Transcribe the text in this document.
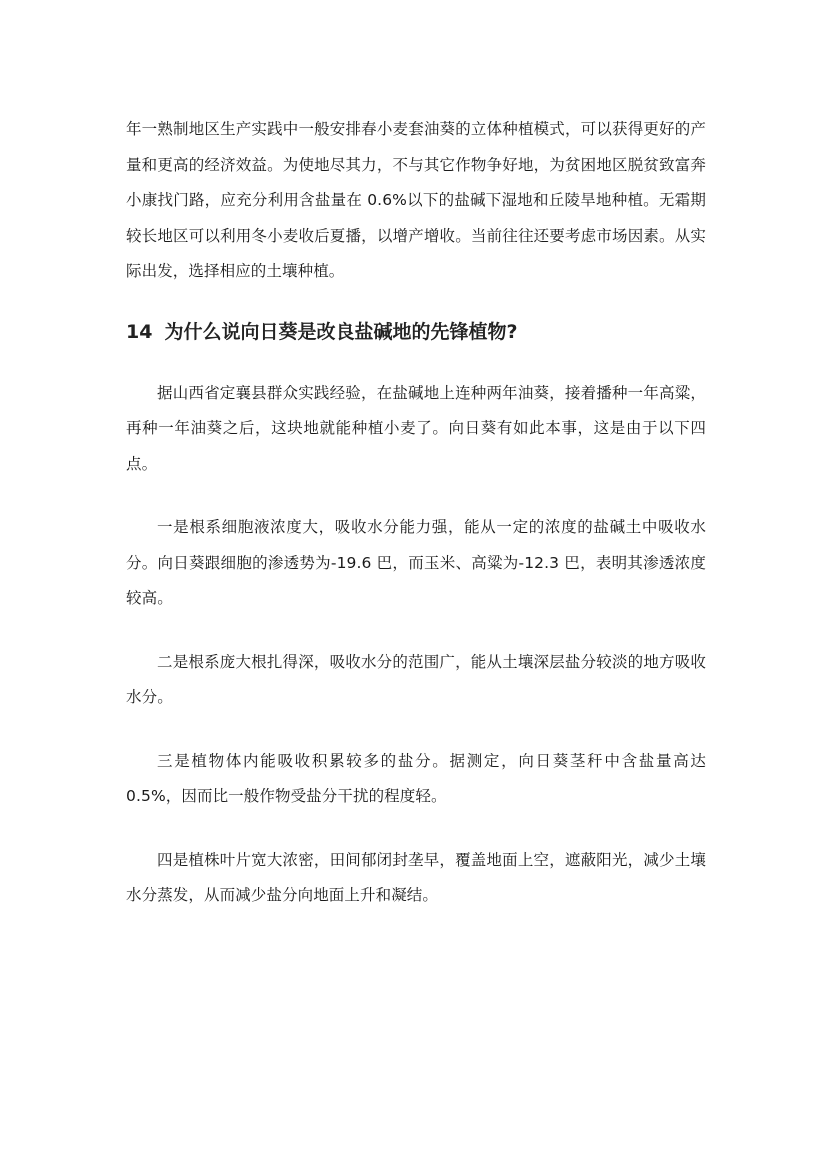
年一熟制地区生产实践中一般安排春小麦套油葵的立体种植模式，可以获得更好的产量和更高的经济效益。为使地尽其力，不与其它作物争好地，为贫困地区脱贫致富奔小康找门路，应充分利用含盐量在 0.6%以下的盐碱下湿地和丘陵旱地种植。无霜期较长地区可以利用冬小麦收后夏播，以增产增收。当前往往还要考虑市场因素。从实际出发，选择相应的土壤种植。

14 为什么说向日葵是改良盐碱地的先锋植物?

据山西省定襄县群众实践经验，在盐碱地上连种两年油葵，接着播种一年高粱，再种一年油葵之后，这块地就能种植小麦了。向日葵有如此本事，这是由于以下四点。

一是根系细胞液浓度大，吸收水分能力强，能从一定的浓度的盐碱土中吸收水分。向日葵跟细胞的渗透势为-19.6 巴，而玉米、高粱为-12.3 巴，表明其渗透浓度较高。

二是根系庞大根扎得深，吸收水分的范围广，能从土壤深层盐分较淡的地方吸收水分。

三是植物体内能吸收积累较多的盐分。据测定，向日葵茎秆中含盐量高达 0.5%，因而比一般作物受盐分干扰的程度轻。

四是植株叶片宽大浓密，田间郁闭封垄早，覆盖地面上空，遮蔽阳光，减少土壤水分蒸发，从而减少盐分向地面上升和凝结。
